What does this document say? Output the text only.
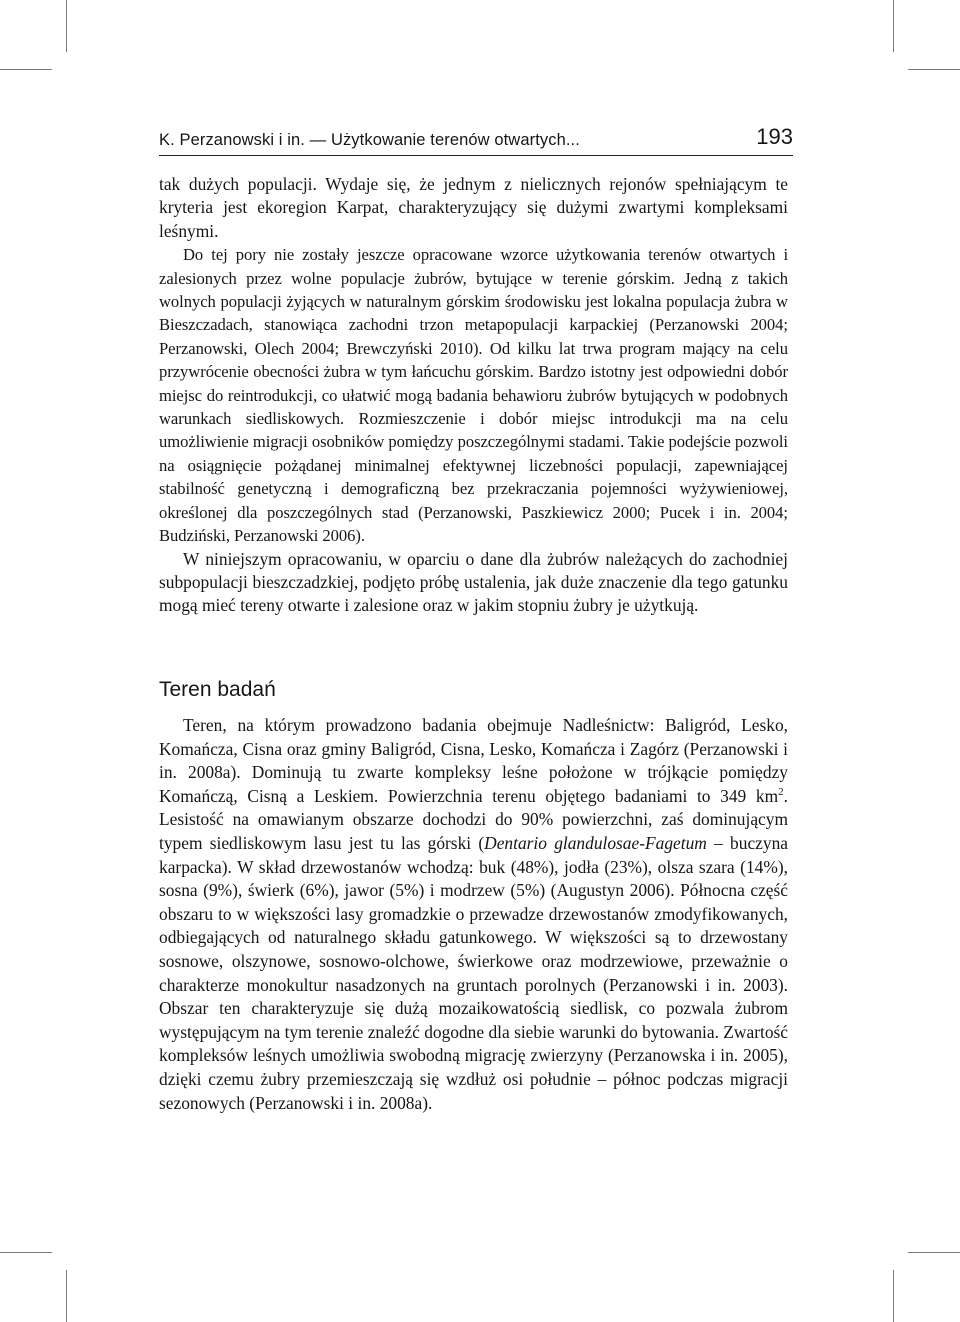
K. Perzanowski i in. — Użytkowanie terenów otwartych...	193

tak dużych populacji. Wydaje się, że jednym z nielicznych rejonów spełniającym te kryteria jest ekoregion Karpat, charakteryzujący się dużymi zwartymi kompleksami leśnymi.

Do tej pory nie zostały jeszcze opracowane wzorce użytkowania terenów otwartych i zalesionych przez wolne populacje żubrów, bytujące w terenie górskim. Jedną z takich wolnych populacji żyjących w naturalnym górskim środowisku jest lokalna populacja żubra w Bieszczadach, stanowiąca zachodni trzon metapopulacji karpackiej (Perzanowski 2004; Perzanowski, Olech 2004; Brewczyński 2010). Od kilku lat trwa program mający na celu przywrócenie obecności żubra w tym łańcuchu górskim. Bardzo istotny jest odpowiedni dobór miejsc do reintrodukcji, co ułatwić mogą badania behawioru żubrów bytujących w podobnych warunkach siedliskowych. Rozmieszczenie i dobór miejsc introdukcji ma na celu umożliwienie migracji osobników pomiędzy poszczególnymi stadami. Takie podejście pozwoli na osiągnięcie pożądanej minimalnej efektywnej liczebności populacji, zapewniającej stabilność genetyczną i demograficzną bez przekraczania pojemności wyżywieniowej, określonej dla poszczególnych stad (Perzanowski, Paszkiewicz 2000; Pucek i in. 2004; Budziński, Perzanowski 2006).

W niniejszym opracowaniu, w oparciu o dane dla żubrów należących do zachodniej subpopulacji bieszczadzkiej, podjęto próbę ustalenia, jak duże znaczenie dla tego gatunku mogą mieć tereny otwarte i zalesione oraz w jakim stopniu żubry je użytkują.

Teren badań

Teren, na którym prowadzono badania obejmuje Nadleśnictw: Baligród, Lesko, Komańcza, Cisna oraz gminy Baligród, Cisna, Lesko, Komańcza i Zagórz (Perzanowski i in. 2008a). Dominują tu zwarte kompleksy leśne położone w trójkącie pomiędzy Komańczą, Cisną a Leskiem. Powierzchnia terenu objętego badaniami to 349 $km^2$. Lesistość na omawianym obszarze dochodzi do 90% powierzchni, zaś dominującym typem siedliskowym lasu jest tu las górski (Dentario glandulosae-Fagetum – buczyna karpacka). W skład drzewostanów wchodzą: buk (48%), jodła (23%), olsza szara (14%), sosna (9%), świerk (6%), jawor (5%) i modrzew (5%) (Augustyn 2006). Północna część obszaru to w większości lasy gromadzkie o przewadze drzewostanów zmodyfikowanych, odbiegających od naturalnego składu gatunkowego. W większości są to drzewostany sosnowe, olszynowe, sosnowo-olchowe, świerkowe oraz modrzewiowe, przeważnie o charakterze monokultur nasadzonych na gruntach porolnych (Perzanowski i in. 2003). Obszar ten charakteryzuje się dużą mozaikowatością siedlisk, co pozwala żubrom występującym na tym terenie znaleźć dogodne dla siebie warunki do bytowania. Zwartość kompleksów leśnych umożliwia swobodną migrację zwierzyny (Perzanowska i in. 2005), dzięki czemu żubry przemieszczają się wzdłuż osi południe – północ podczas migracji sezonowych (Perzanowski i in. 2008a).
